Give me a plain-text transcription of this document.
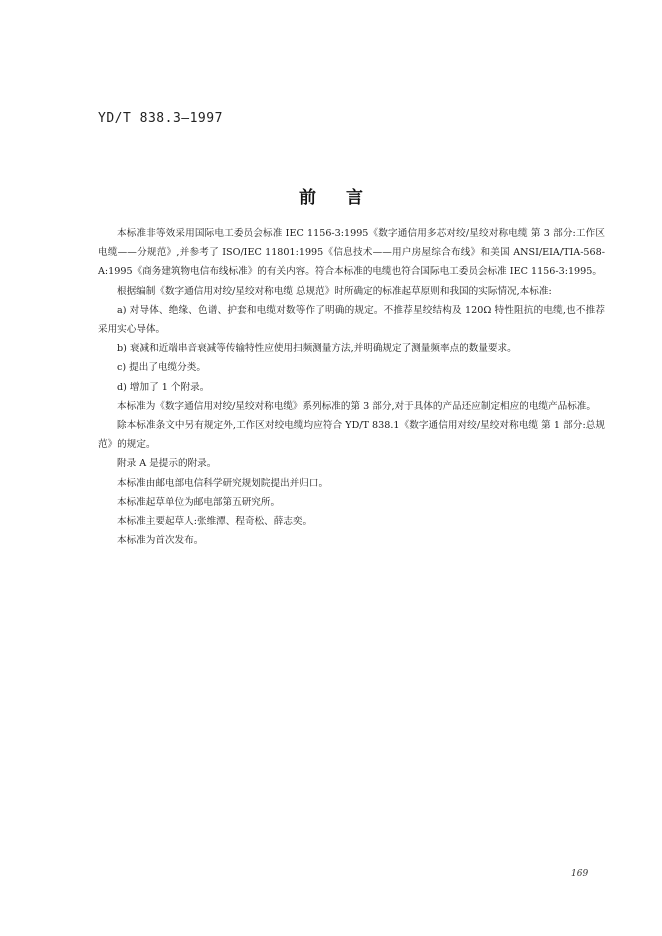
YD/T 838.3—1997
前言

本标准非等效采用国际电工委员会标准 IEC 1156-3:1995《数字通信用多芯对绞/星绞对称电缆 第 3 部分:工作区电缆——分规范》,并参考了 ISO/IEC 11801:1995《信息技术——用户房屋综合布线》和美国 ANSI/EIA/TIA-568-A:1995《商务建筑物电信布线标准》的有关内容。符合本标准的电缆也符合国际电工委员会标准 IEC 1156-3:1995。

根据编制《数字通信用对绞/星绞对称电缆 总规范》时所确定的标准起草原则和我国的实际情况,本标准:

a) 对导体、绝缘、色谱、护套和电缆对数等作了明确的规定。不推荐星绞结构及 120Ω 特性阻抗的电缆,也不推荐采用实心导体。

b) 衰减和近端串音衰减等传输特性应使用扫频测量方法,并明确规定了测量频率点的数量要求。

c) 提出了电缆分类。

d) 增加了 1 个附录。

本标准为《数字通信用对绞/星绞对称电缆》系列标准的第 3 部分,对于具体的产品还应制定相应的电缆产品标准。

除本标准条文中另有规定外,工作区对绞电缆均应符合 YD/T 838.1《数字通信用对绞/星绞对称电缆 第 1 部分:总规范》的规定。

附录 A 是提示的附录。

本标准由邮电部电信科学研究规划院提出并归口。

本标准起草单位为邮电部第五研究所。

本标准主要起草人:张维潭、程奇松、薛志奕。

本标准为首次发布。

169
